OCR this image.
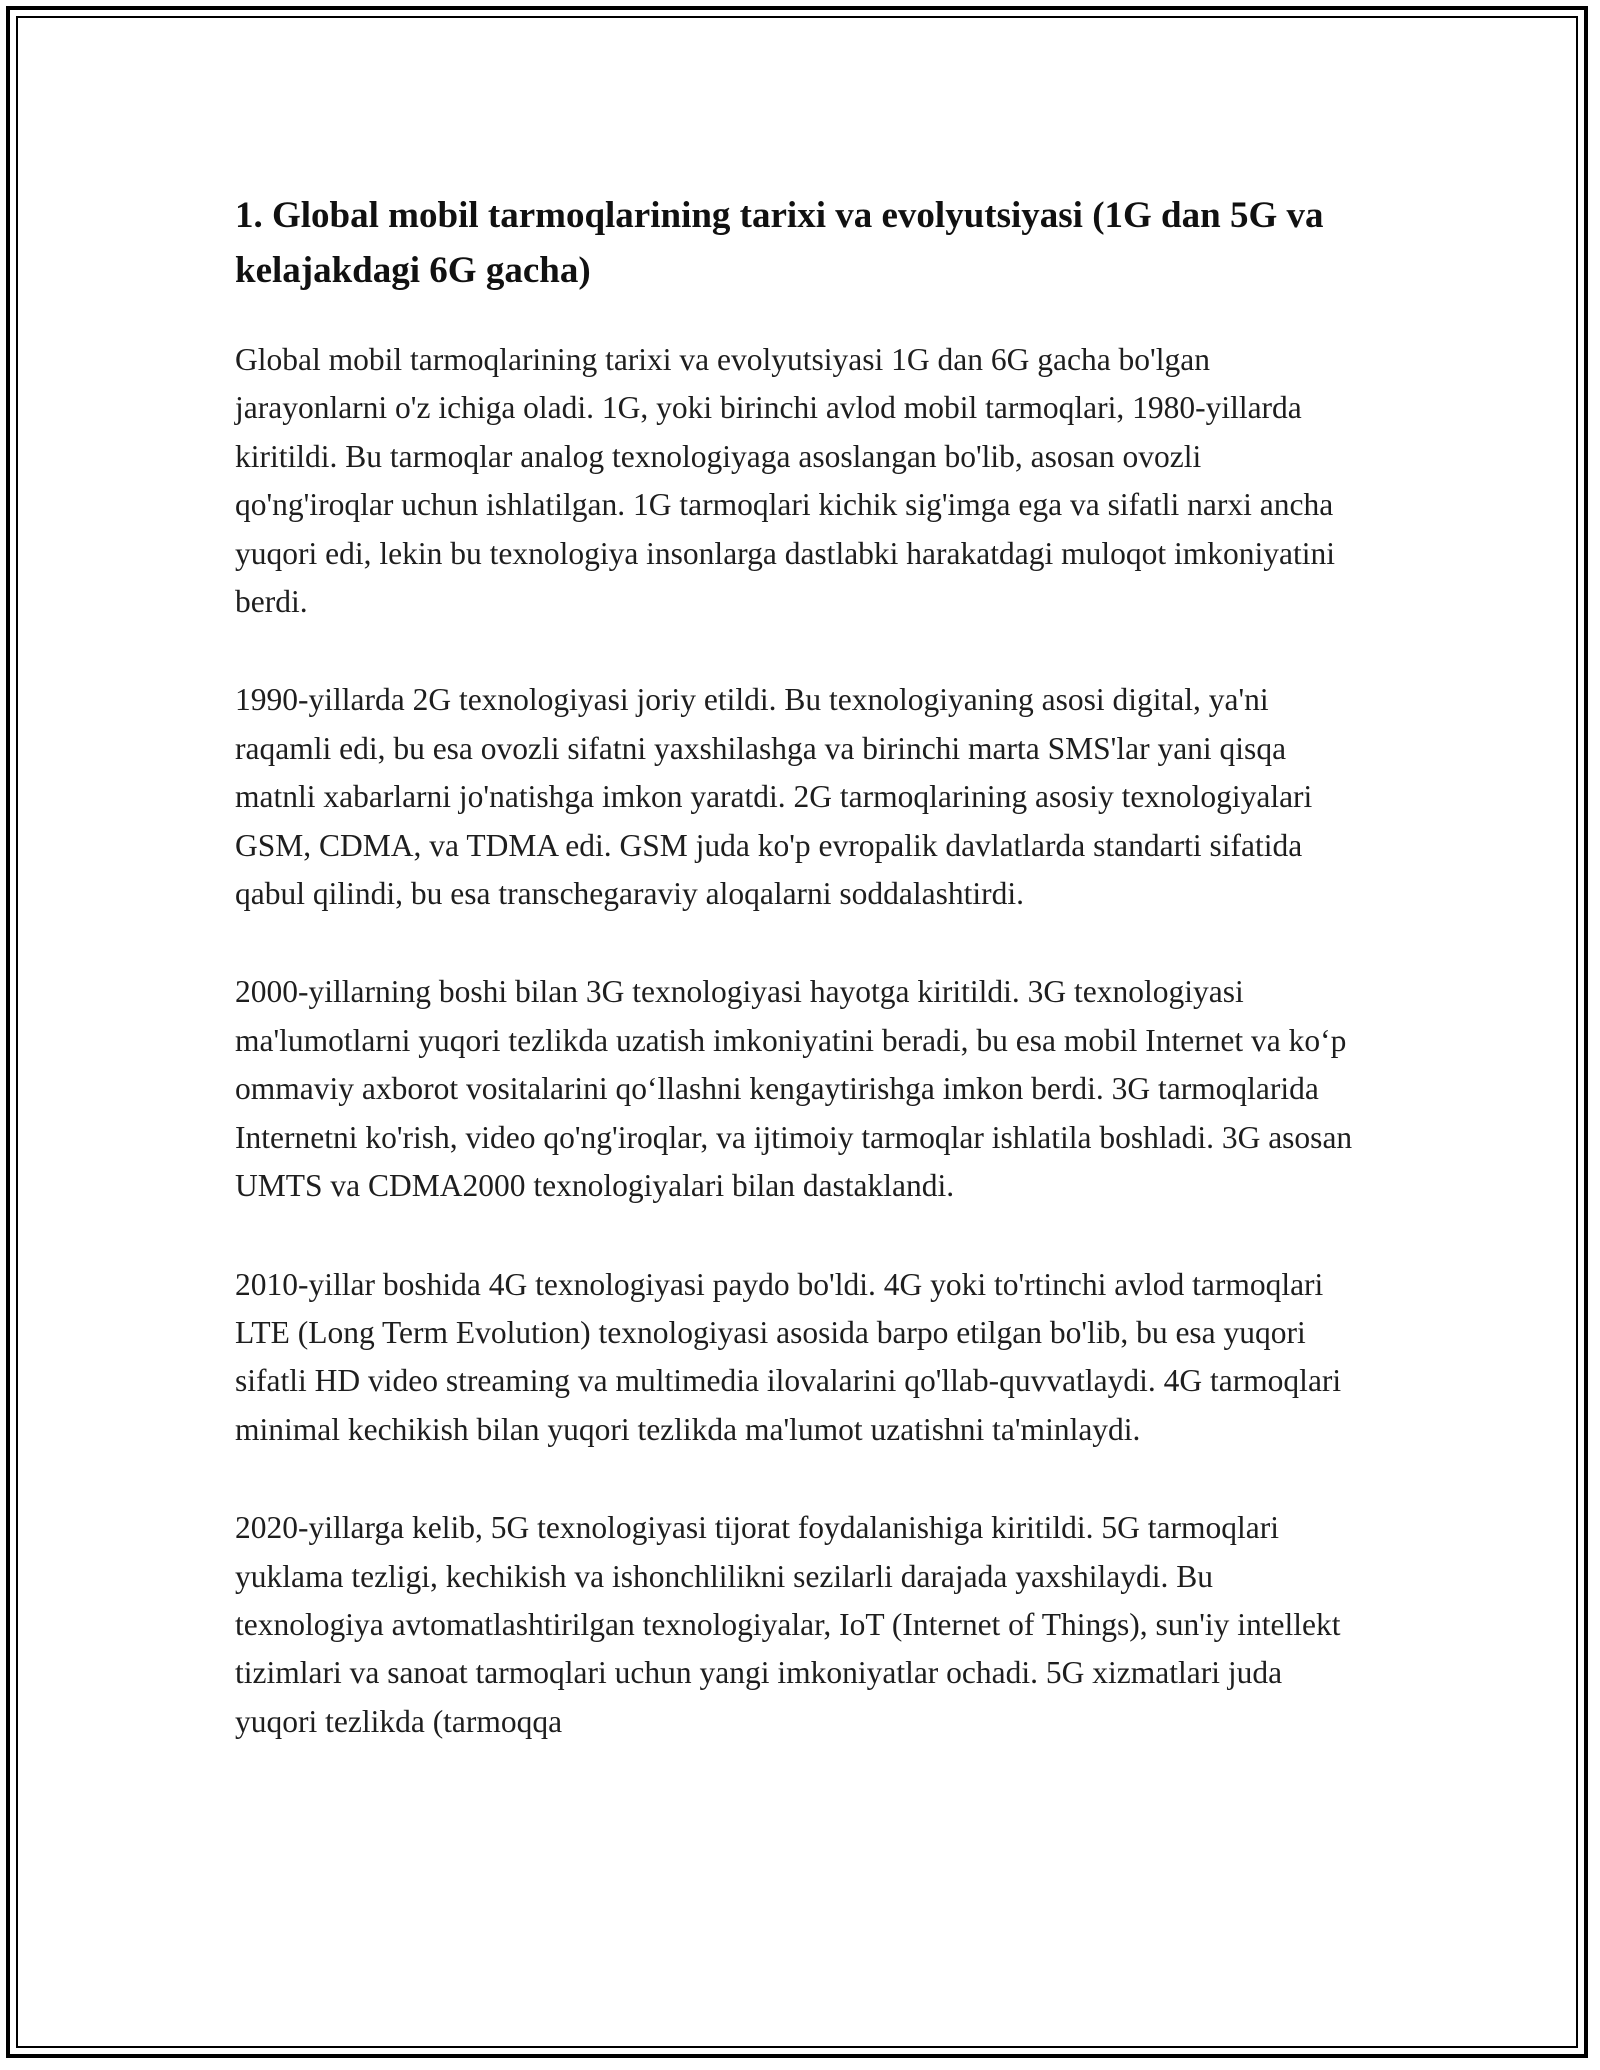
1. Global mobil tarmoqlarining tarixi va evolyutsiyasi (1G dan 5G va kelajakdagi 6G gacha)

Global mobil tarmoqlarining tarixi va evolyutsiyasi 1G dan 6G gacha bo'lgan jarayonlarni o'z ichiga oladi. 1G, yoki birinchi avlod mobil tarmoqlari, 1980-yillarda kiritildi. Bu tarmoqlar analog texnologiyaga asoslangan bo'lib, asosan ovozli qo'ng'iroqlar uchun ishlatilgan. 1G tarmoqlari kichik sig'imga ega va sifatli narxi ancha yuqori edi, lekin bu texnologiya insonlarga dastlabki harakatdagi muloqot imkoniyatini berdi.

1990-yillarda 2G texnologiyasi joriy etildi. Bu texnologiyaning asosi digital, ya'ni raqamli edi, bu esa ovozli sifatni yaxshilashga va birinchi marta SMS'lar yani qisqa matnli xabarlarni jo'natishga imkon yaratdi. 2G tarmoqlarining asosiy texnologiyalari GSM, CDMA, va TDMA edi. GSM juda ko'p evropalik davlatlarda standarti sifatida qabul qilindi, bu esa transchegaraviy aloqalarni soddalashtirdi.

2000-yillarning boshi bilan 3G texnologiyasi hayotga kiritildi. 3G texnologiyasi ma'lumotlarni yuqori tezlikda uzatish imkoniyatini beradi, bu esa mobil Internet va ko‘p ommaviy axborot vositalarini qo‘llashni kengaytirishga imkon berdi. 3G tarmoqlarida Internetni ko'rish, video qo'ng'iroqlar, va ijtimoiy tarmoqlar ishlatila boshladi. 3G asosan UMTS va CDMA2000 texnologiyalari bilan dastaklandi.

2010-yillar boshida 4G texnologiyasi paydo bo'ldi. 4G yoki to'rtinchi avlod tarmoqlari LTE (Long Term Evolution) texnologiyasi asosida barpo etilgan bo'lib, bu esa yuqori sifatli HD video streaming va multimedia ilovalarini qo'llab-quvvatlaydi. 4G tarmoqlari minimal kechikish bilan yuqori tezlikda ma'lumot uzatishni ta'minlaydi.

2020-yillarga kelib, 5G texnologiyasi tijorat foydalanishiga kiritildi. 5G tarmoqlari yuklama tezligi, kechikish va ishonchlilikni sezilarli darajada yaxshilaydi. Bu texnologiya avtomatlashtirilgan texnologiyalar, IoT (Internet of Things), sun'iy intellekt tizimlari va sanoat tarmoqlari uchun yangi imkoniyatlar ochadi. 5G xizmatlari juda yuqori tezlikda (tarmoqqa
